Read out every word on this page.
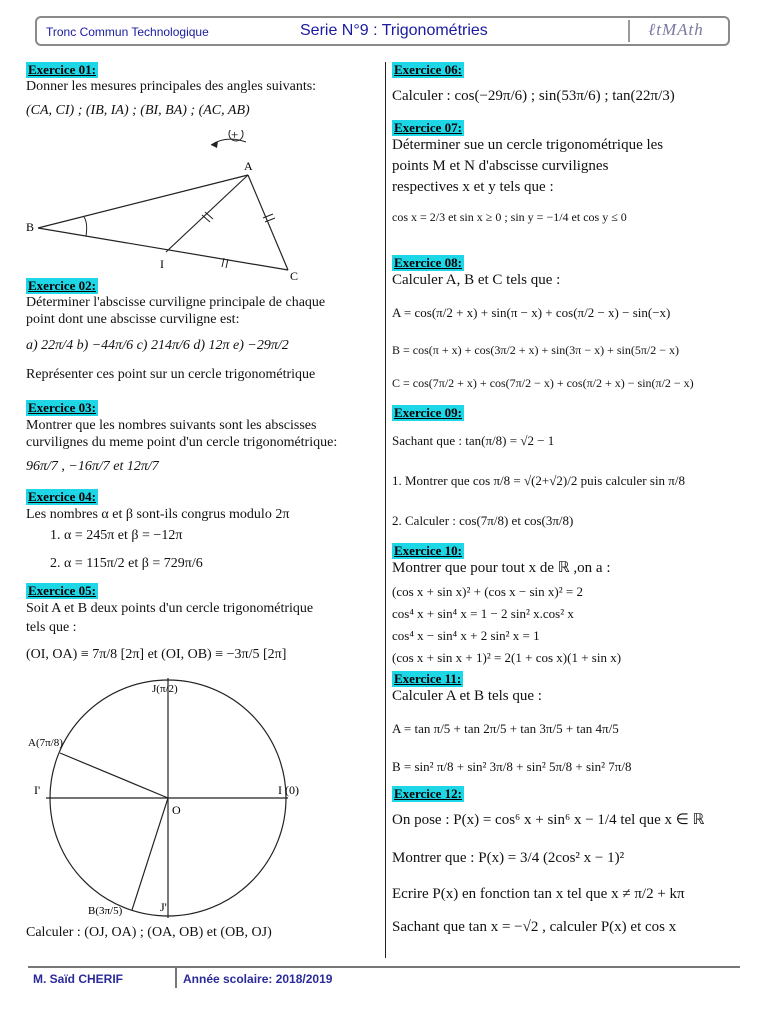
Tronc Commun Technologique	Serie N°9 : Trigonométries	ℓtMAth
Exercice 01:
Donner les mesures principales des angles suivants:
(CA, CI) ; (IB, IA) ; (BI, BA) ; (AC, AB)
+
A
B
C
I
Exercice 02:
Déterminer l'abscisse curviligne principale de chaque
point dont une abscisse curviligne est:
a) 22π/4 b) −44π/6 c) 214π/6 d) 12π e) −29π/2
Représenter ces point sur un cercle trigonométrique
Exercice 03:
Montrer que les nombres suivants sont les abscisses
curvilignes du meme point d'un cercle trigonométrique:
96π/7 , −16π/7 et 12π/7
Exercice 04:
Les nombres α et β sont-ils congrus modulo 2π
1. α = 245π et β = −12π
2. α = 115π/2 et β = 729π/6
Exercice 05:
Soit A et B deux points d'un cercle trigonométrique
tels que :
(OI, OA) ≡ 7π/8 [2π] et (OI, OB) ≡ −3π/5 [2π]
J(π/2)
A(7π/8)
I'
O
I (0)
B(3π/5)	J'
Calculer : (OJ, OA) ; (OA, OB) et (OB, OJ)
Exercice 06:
Calculer : cos(−29π/6) ; sin(53π/6) ; tan(22π/3)
Exercice 07:
Déterminer sue un cercle trigonométrique les
points M et N d'abscisse curvilignes
respectives x et y tels que :
cos x = 2/3 et sin x ≥ 0 ; sin y = −1/4 et cos y ≤ 0
Exercice 08:
Calculer A, B et C tels que :
A = cos(π/2 + x) + sin(π − x) + cos(π/2 − x) − sin(−x)
B = cos(π + x) + cos(3π/2 + x) + sin(3π − x) + sin(5π/2 − x)
C = cos(7π/2 + x) + cos(7π/2 − x) + cos(π/2 + x) − sin(π/2 − x)
Exercice 09:
Sachant que : tan(π/8) = √2 − 1
1. Montrer que cos π/8 = √(2+√2)/2 puis calculer sin π/8
2. Calculer : cos(7π/8) et cos(3π/8)
Exercice 10:
Montrer que pour tout x de ℝ ,on a :
(cos x + sin x)² + (cos x − sin x)² = 2
cos⁴ x + sin⁴ x = 1 − 2 sin² x.cos² x
cos⁴ x − sin⁴ x + 2 sin² x = 1
(cos x + sin x + 1)² = 2(1 + cos x)(1 + sin x)
Exercice 11:
Calculer A et B tels que :
A = tan π/5 + tan 2π/5 + tan 3π/5 + tan 4π/5
B = sin² π/8 + sin² 3π/8 + sin² 5π/8 + sin² 7π/8
Exercice 12:
On pose : P(x) = cos⁶ x + sin⁶ x − 1/4 tel que x ∈ ℝ
Montrer que : P(x) = 3/4 (2cos² x − 1)²
Ecrire P(x) en fonction tan x tel que x ≠ π/2 + kπ
Sachant que tan x = −√2 , calculer P(x) et cos x
M. Saïd CHERIF	Année scolaire: 2018/2019
